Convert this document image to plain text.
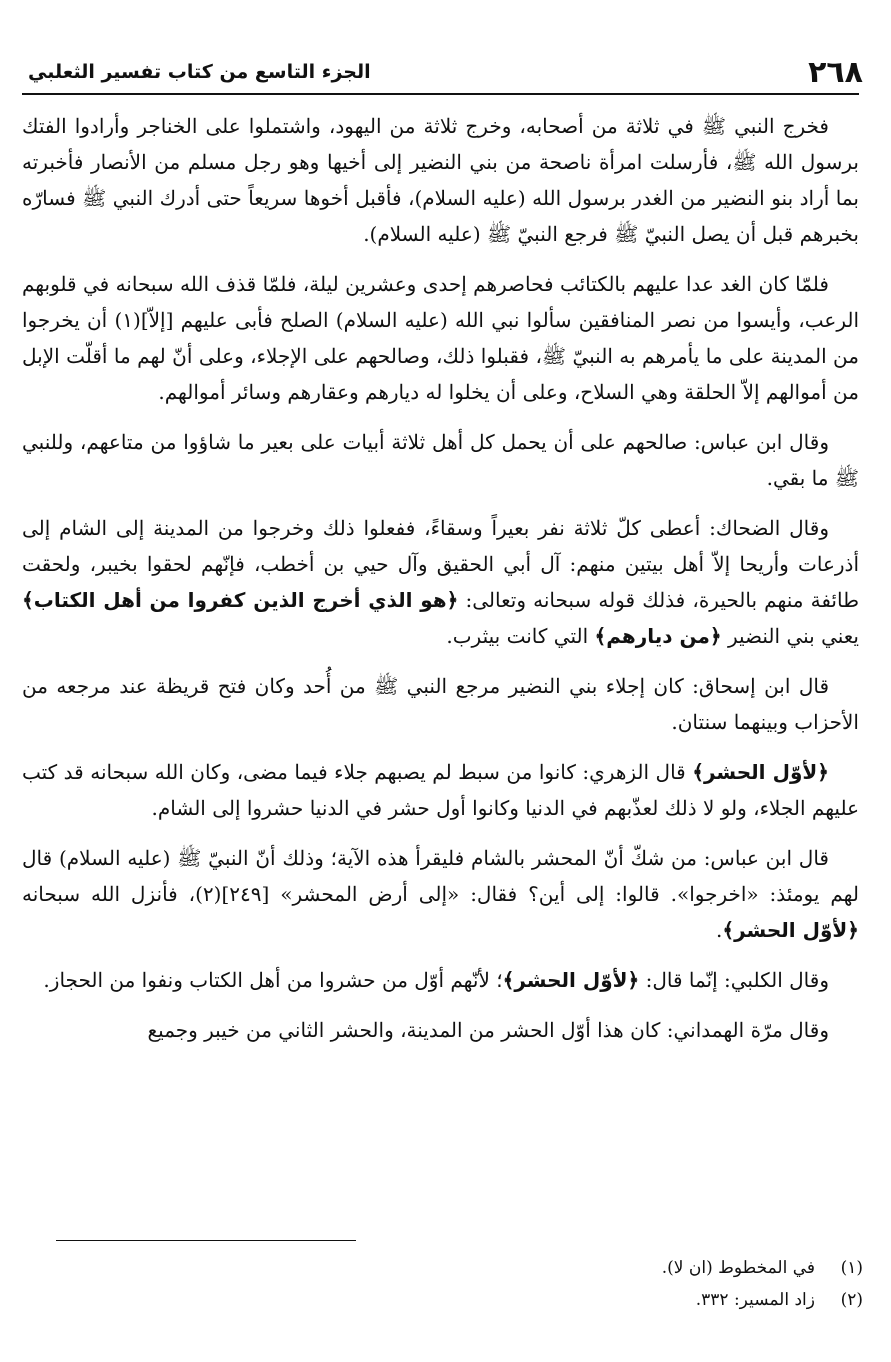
٢٦٨
الجزء التاسع من كتاب تفسير الثعلبي

فخرج النبي ﷺ في ثلاثة من أصحابه، وخرج ثلاثة من اليهود، واشتملوا على الخناجر وأرادوا الفتك برسول الله ﷺ، فأرسلت امرأة ناصحة من بني النضير إلى أخيها وهو رجل مسلم من الأنصار فأخبرته بما أراد بنو النضير من الغدر برسول الله (عليه السلام)، فأقبل أخوها سريعاً حتى أدرك النبي ﷺ فسارّه بخبرهم قبل أن يصل النبيّ ﷺ فرجع النبيّ ﷺ (عليه السلام).

فلمّا كان الغد عدا عليهم بالكتائب فحاصرهم إحدى وعشرين ليلة، فلمّا قذف الله سبحانه في قلوبهم الرعب، وأيسوا من نصر المنافقين سألوا نبي الله (عليه السلام) الصلح فأبى عليهم [إلاّ](١) أن يخرجوا من المدينة على ما يأمرهم به النبيّ ﷺ، فقبلوا ذلك، وصالحهم على الإجلاء، وعلى أنّ لهم ما أقلّت الإبل من أموالهم إلاّ الحلقة وهي السلاح، وعلى أن يخلوا له ديارهم وعقارهم وسائر أموالهم.

وقال ابن عباس: صالحهم على أن يحمل كل أهل ثلاثة أبيات على بعير ما شاؤوا من متاعهم، وللنبي ﷺ ما بقي.

وقال الضحاك: أعطى كلّ ثلاثة نفر بعيراً وسقاءً، ففعلوا ذلك وخرجوا من المدينة إلى الشام إلى أذرعات وأريحا إلاّ أهل بيتين منهم: آل أبي الحقيق وآل حيي بن أخطب، فإنّهم لحقوا بخيبر، ولحقت طائفة منهم بالحيرة، فذلك قوله سبحانه وتعالى: ﴿هو الذي أخرج الذين كفروا من أهل الكتاب﴾ يعني بني النضير ﴿من ديارهم﴾ التي كانت بيثرب.

قال ابن إسحاق: كان إجلاء بني النضير مرجع النبي ﷺ من أُحد وكان فتح قريظة عند مرجعه من الأحزاب وبينهما سنتان.

﴿لأوّل الحشر﴾ قال الزهري: كانوا من سبط لم يصبهم جلاء فيما مضى، وكان الله سبحانه قد كتب عليهم الجلاء، ولو لا ذلك لعذّبهم في الدنيا وكانوا أول حشر في الدنيا حشروا إلى الشام.

قال ابن عباس: من شكّ أنّ المحشر بالشام فليقرأ هذه الآية؛ وذلك أنّ النبيّ ﷺ (عليه السلام) قال لهم يومئذ: «اخرجوا». قالوا: إلى أين؟ فقال: «إلى أرض المحشر» [٢٤٩](٢)، فأنزل الله سبحانه ﴿لأوّل الحشر﴾.

وقال الكلبي: إنّما قال: ﴿لأوّل الحشر﴾؛ لأنّهم أوّل من حشروا من أهل الكتاب ونفوا من الحجاز.

وقال مرّة الهمداني: كان هذا أوّل الحشر من المدينة، والحشر الثاني من خيبر وجميع

(١)
في المخطوط (ان لا).
(٢)
زاد المسير: ٣٣٢.
